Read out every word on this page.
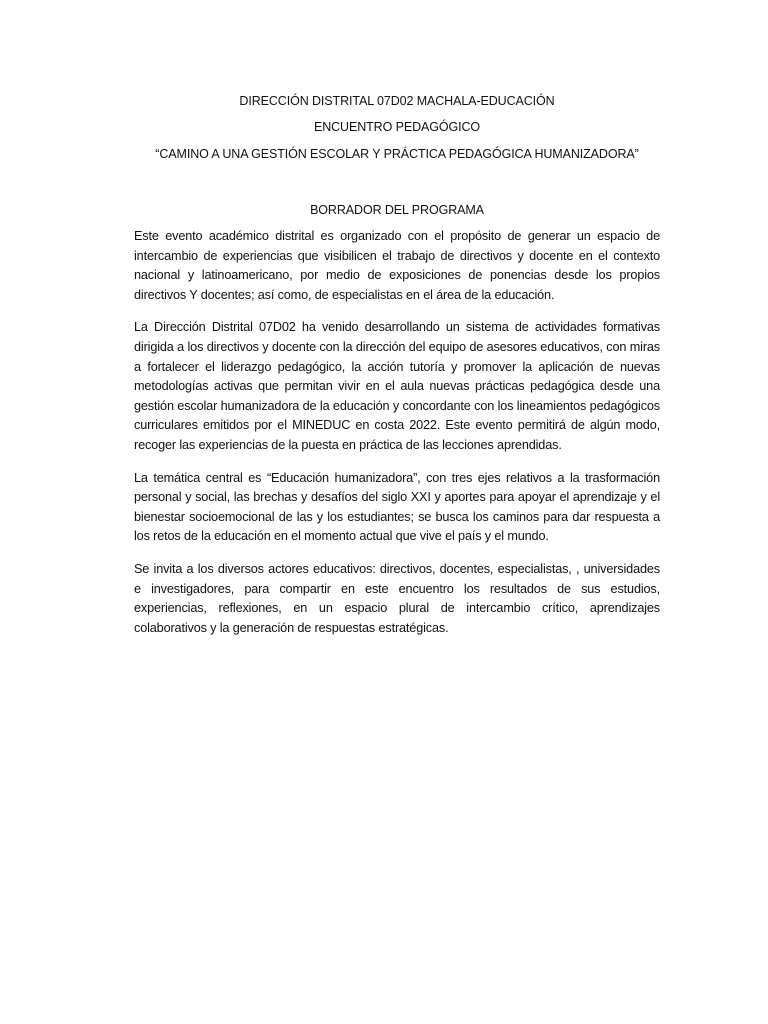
DIRECCIÓN DISTRITAL 07D02 MACHALA-EDUCACIÓN

ENCUENTRO PEDAGÓGICO

“CAMINO A UNA GESTIÓN ESCOLAR Y PRÁCTICA PEDAGÓGICA HUMANIZADORA”

BORRADOR DEL PROGRAMA

Este evento académico distrital es organizado con el propósito de generar un espacio de intercambio de experiencias que visibilicen el trabajo de directivos y docente en el contexto nacional y latinoamericano, por medio de exposiciones de ponencias desde los propios directivos Y docentes; así como, de especialistas en el área de la educación.

La Dirección Distrital 07D02 ha venido desarrollando un sistema de actividades formativas dirigida a los directivos y docente con la dirección del equipo de asesores educativos, con miras a fortalecer el liderazgo pedagógico, la acción tutoría y promover la aplicación de nuevas metodologías activas que permitan vivir en el aula nuevas prácticas pedagógica desde una gestión escolar humanizadora de la educación y concordante con los lineamientos pedagógicos curriculares emitidos por el MINEDUC en costa 2022. Este evento permitirá de algún modo, recoger las experiencias de la puesta en práctica de las lecciones aprendidas.

La temática central es “Educación humanizadora”, con tres ejes relativos a la trasformación personal y social, las brechas y desafíos del siglo XXI y aportes para apoyar el aprendizaje y el bienestar socioemocional de las y los estudiantes; se busca los caminos para dar respuesta a los retos de la educación en el momento actual que vive el país y el mundo.

Se invita a los diversos actores educativos: directivos, docentes, especialistas, , universidades e investigadores, para compartir en este encuentro los resultados de sus estudios, experiencias, reflexiones, en un espacio plural de intercambio crítico, aprendizajes colaborativos y la generación de respuestas estratégicas.
